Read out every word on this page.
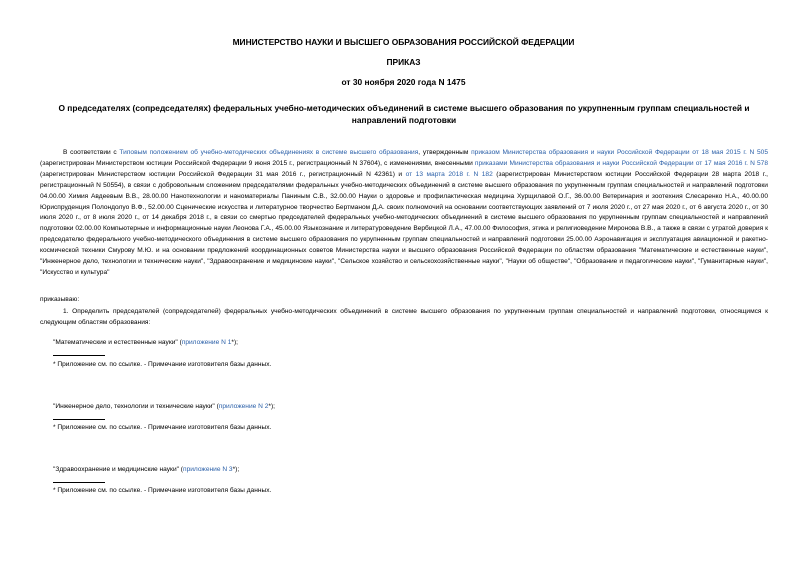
МИНИСТЕРСТВО НАУКИ И ВЫСШЕГО ОБРАЗОВАНИЯ РОССИЙСКОЙ ФЕДЕРАЦИИ
ПРИКАЗ
от 30 ноября 2020 года N 1475
О председателях (сопредседателях) федеральных учебно-методических объединений в системе высшего образования по укрупненным группам специальностей и направлений подготовки
В соответствии с Типовым положением об учебно-методических объединениях в системе высшего образования, утвержденным приказом Министерства образования и науки Российской Федерации от 18 мая 2015 г. N 505 (зарегистрирован Министерством юстиции Российской Федерации 9 июня 2015 г., регистрационный N 37604), с изменениями, внесенными приказами Министерства образования и науки Российской Федерации от 17 мая 2016 г. N 578 (зарегистрирован Министерством юстиции Российской Федерации 31 мая 2016 г., регистрационный N 42361) и от 13 марта 2018 г. N 182 (зарегистрирован Министерством юстиции Российской Федерации 28 марта 2018 г., регистрационный N 50554), в связи с добровольным сложением председателями федеральных учебно-методических объединений в системе высшего образования по укрупненным группам специальностей и направлений подготовки 04.00.00 Химия Авдеевым В.В., 28.00.00 Нанотехнологии и наноматериалы Паниным С.В., 32.00.00 Науки о здоровье и профилактическая медицина Хурщилавой О.Г., 36.00.00 Ветеринария и зоотехния Слесаренко Н.А., 40.00.00 Юриспруденция Полондолуо В.Ф., 52.00.00 Сценические искусства и литературное творчество Бертманом Д.А. своих полномочий на основании соответствующих заявлений от 7 июля 2020 г., от 27 мая 2020 г., от 6 августа 2020 г., от 30 июля 2020 г., от 8 июля 2020 г., от 14 декабря 2018 г., в связи со смертью председателей федеральных учебно-методических объединений в системе высшего образования по укрупненным группам специальностей и направлений подготовки 02.00.00 Компьютерные и информационные науки Леонова Г.А., 45.00.00 Языкознание и литературоведение Вербицкой Л.А., 47.00.00 Философия, этика и религиоведение Миронова В.В., а также в связи с утратой доверия к председателю федерального учебно-методического объединения в системе высшего образования по укрупненным группам специальностей и направлений подготовки 25.00.00 Аэронавигация и эксплуатация авиационной и ракетно-космической техники Смурову М.Ю. и на основании предложений координационных советов Министерства науки и высшего образования Российской Федерации по областям образования "Математические и естественные науки", "Инженерное дело, технологии и технические науки", "Здравоохранение и медицинские науки", "Сельское хозяйство и сельскохозяйственные науки", "Науки об обществе", "Образование и педагогические науки", "Гуманитарные науки", "Искусство и культура"
приказываю:
1. Определить председателей (сопредседателей) федеральных учебно-методических объединений в системе высшего образования по укрупненным группам специальностей и направлений подготовки, относящимся к следующим областям образования:
"Математические и естественные науки" (приложение N 1*);
* Приложение см. по ссылке. - Примечание изготовителя базы данных.
"Инженерное дело, технологии и технические науки" (приложение N 2*);
* Приложение см. по ссылке. - Примечание изготовителя базы данных.
"Здравоохранение и медицинские науки" (приложение N 3*);
* Приложение см. по ссылке. - Примечание изготовителя базы данных.
